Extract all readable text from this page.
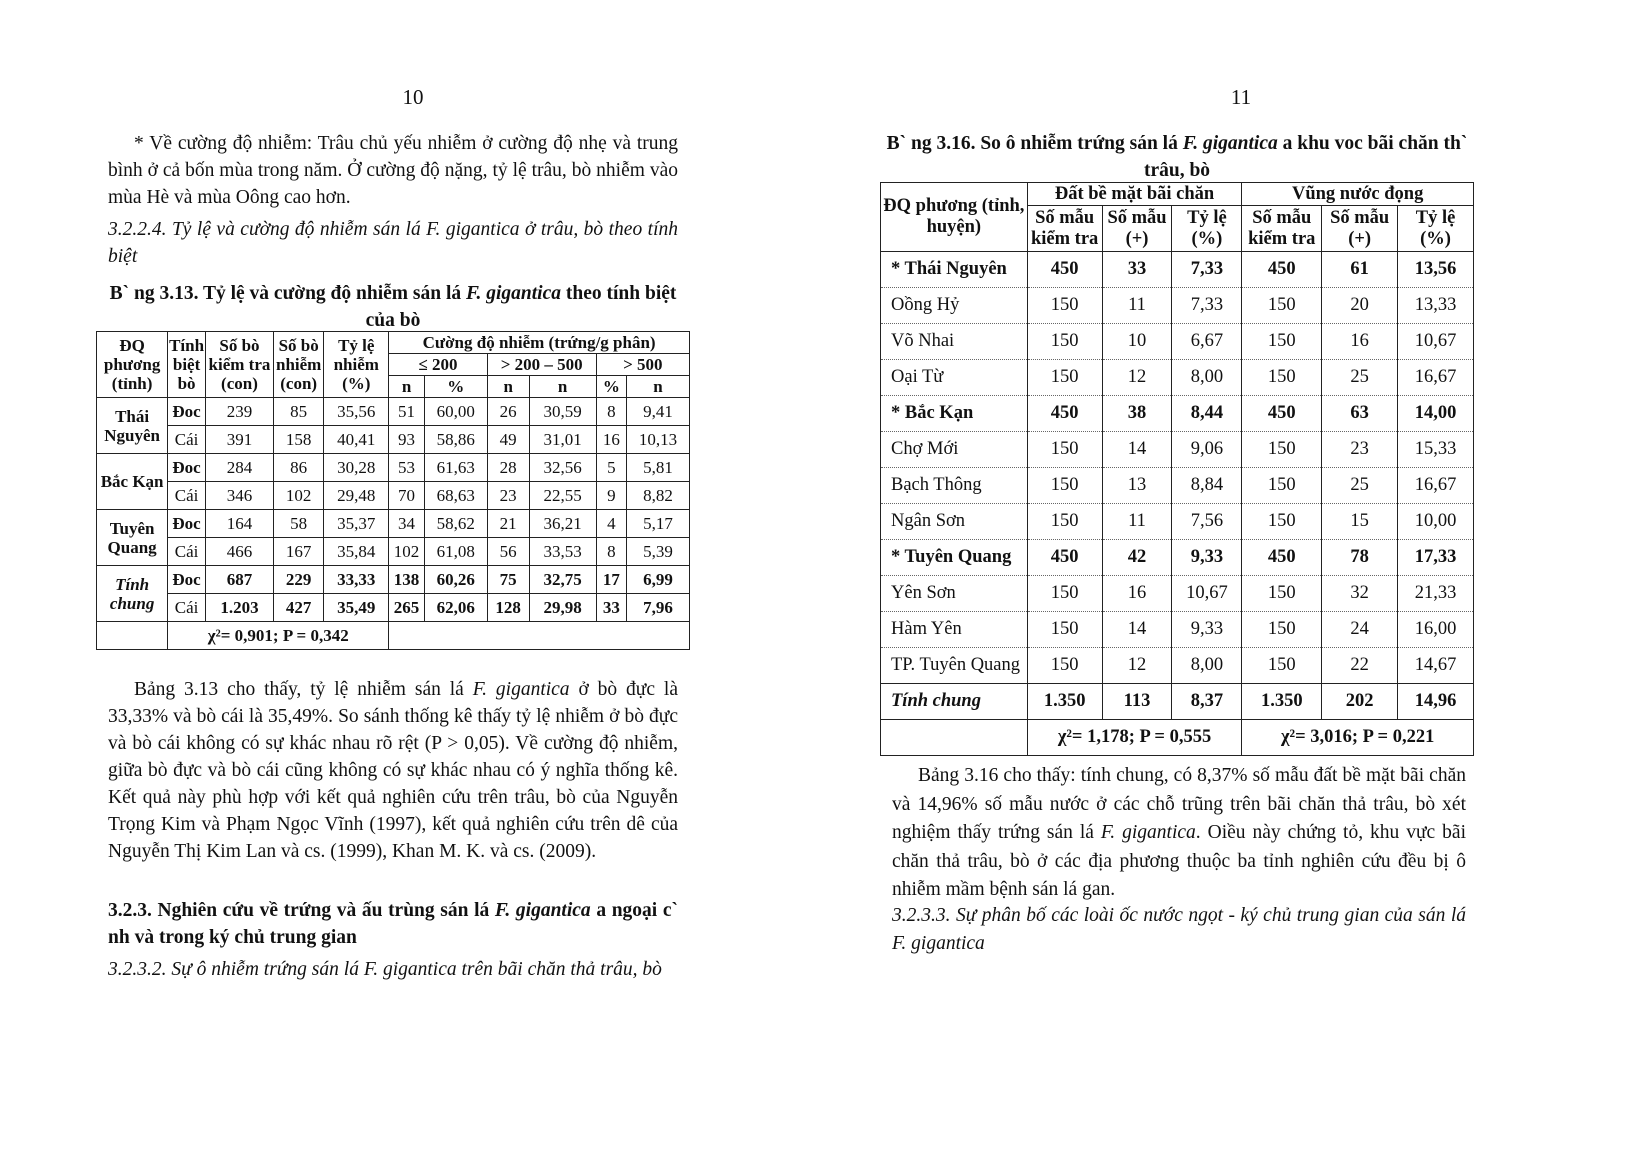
10

* Về cường độ nhiễm: Trâu chủ yếu nhiễm ở cường độ nhẹ và trung bình ở cả bốn mùa trong năm. Ở cường độ nặng, tỷ lệ trâu, bò nhiễm vào mùa Hè và mùa Oông cao hơn.

3.2.2.4. Tỷ lệ và cường độ nhiễm sán lá F. gigantica ở trâu, bò theo tính biệt

B` ng 3.13. Tỷ lệ và cường độ nhiễm sán lá F. gigantica theo tính biệt của bò
ĐQ phương (tỉnh)	Tính biệt bò	Số bò kiểm tra (con)	Số bò nhiễm (con)	Tỷ lệ nhiễm (%)	Cường độ nhiễm (trứng/g phân)					
					≤ 200		> 200 – 500		> 500	
					n	%	n	n	%	n
Thái Nguyên	Đoc	239	85	35,56	51	60,00	26	30,59	8	9,41
	Cái	391	158	40,41	93	58,86	49	31,01	16	10,13
Bắc Kạn	Đoc	284	86	30,28	53	61,63	28	32,56	5	5,81
	Cái	346	102	29,48	70	68,63	23	22,55	9	8,82
Tuyên Quang	Đoc	164	58	35,37	34	58,62	21	36,21	4	5,17
	Cái	466	167	35,84	102	61,08	56	33,53	8	5,39
Tính chung	Đoc	687	229	33,33	138	60,26	75	32,75	17	6,99
	Cái	1.203	427	35,49	265	62,06	128	29,98	33	7,96
	χ²= 0,901; P = 0,342									

Bảng 3.13 cho thấy, tỷ lệ nhiễm sán lá F. gigantica ở bò đực là 33,33% và bò cái là 35,49%. So sánh thống kê thấy tỷ lệ nhiễm ở bò đực và bò cái không có sự khác nhau rõ rệt (P > 0,05). Về cường độ nhiễm, giữa bò đực và bò cái cũng không có sự khác nhau có ý nghĩa thống kê. Kết quả này phù hợp với kết quả nghiên cứu trên trâu, bò của Nguyễn Trọng Kim và Phạm Ngọc Vĩnh (1997), kết quả nghiên cứu trên dê của Nguyễn Thị Kim Lan và cs. (1999), Khan M. K. và cs. (2009).

3.2.3. Nghiên cứu về trứng và ấu trùng sán lá F. gigantica a ngoại c` nh và trong ký chủ trung gian

3.2.3.2. Sự ô nhiễm trứng sán lá F. gigantica trên bãi chăn thả trâu, bò

11
B` ng 3.16. So ô nhiễm trứng sán lá F. gigantica a khu voc bãi chăn th` trâu, bò
ĐQ phương (tỉnh, huyện)	Đất bề mặt bãi chăn			Vũng nước đọng		
	Số mẫu kiểm tra	Số mẫu (+)	Tỷ lệ (%)	Số mẫu kiểm tra	Số mẫu (+)	Tỷ lệ (%)
* Thái Nguyên	450	33	7,33	450	61	13,56
Oồng Hỷ	150	11	7,33	150	20	13,33
Võ Nhai	150	10	6,67	150	16	10,67
Oại Từ	150	12	8,00	150	25	16,67
* Bắc Kạn	450	38	8,44	450	63	14,00
Chợ Mới	150	14	9,06	150	23	15,33
Bạch Thông	150	13	8,84	150	25	16,67
Ngân Sơn	150	11	7,56	150	15	10,00
* Tuyên Quang	450	42	9,33	450	78	17,33
Yên Sơn	150	16	10,67	150	32	21,33
Hàm Yên	150	14	9,33	150	24	16,00
TP. Tuyên Quang	150	12	8,00	150	22	14,67
Tính chung	1.350	113	8,37	1.350	202	14,96
	χ²= 1,178; P = 0,555			χ²= 3,016; P = 0,221		

Bảng 3.16 cho thấy: tính chung, có 8,37% số mẫu đất bề mặt bãi chăn và 14,96% số mẫu nước ở các chỗ trũng trên bãi chăn thả trâu, bò xét nghiệm thấy trứng sán lá F. gigantica. Oiều này chứng tỏ, khu vực bãi chăn thả trâu, bò ở các địa phương thuộc ba tỉnh nghiên cứu đều bị ô nhiễm mầm bệnh sán lá gan.

3.2.3.3. Sự phân bố các loài ốc nước ngọt - ký chủ trung gian của sán lá F. gigantica
